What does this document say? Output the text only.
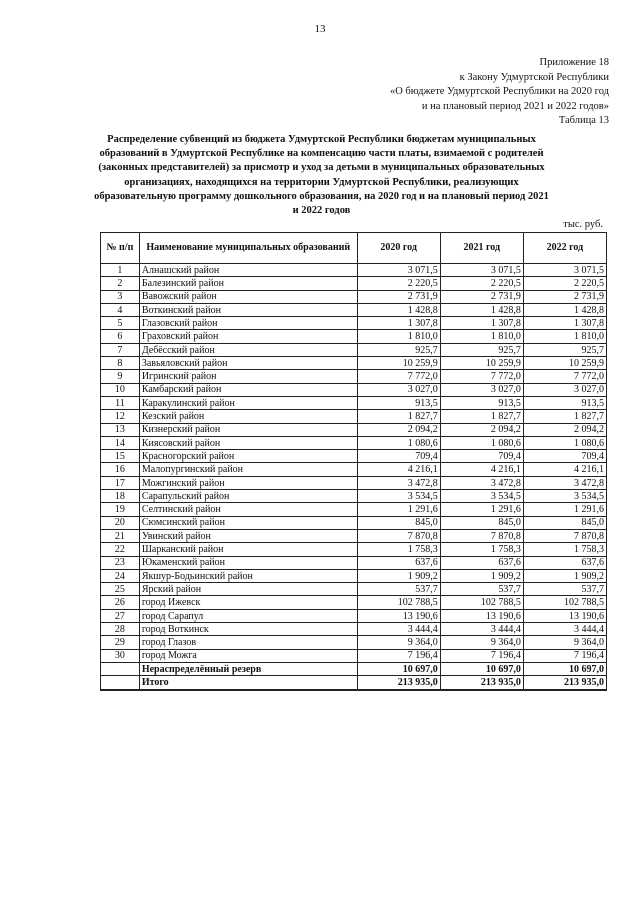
13
Приложение 18
к Закону Удмуртской Республики
«О бюджете Удмуртской Республики на 2020 год
и на плановый период 2021 и 2022 годов»
Таблица 13
Распределение субвенций из бюджета Удмуртской Республики бюджетам муниципальных образований в Удмуртской Республике на компенсацию части платы, взимаемой с родителей (законных представителей) за присмотр и уход за детьми в муниципальных образовательных организациях, находящихся на территории Удмуртской Республики, реализующих образовательную программу дошкольного образования, на 2020 год и на плановый период 2021 и 2022 годов
тыс. руб.
№ п/п	Наименование муниципальных образований	2020 год	2021 год	2022 год
1	Алнашский район	3 071,5	3 071,5	3 071,5
2	Балезинский район	2 220,5	2 220,5	2 220,5
3	Вавожский район	2 731,9	2 731,9	2 731,9
4	Воткинский район	1 428,8	1 428,8	1 428,8
5	Глазовский район	1 307,8	1 307,8	1 307,8
6	Граховский район	1 810,0	1 810,0	1 810,0
7	Дебёсский район	925,7	925,7	925,7
8	Завьяловский район	10 259,9	10 259,9	10 259,9
9	Игринский район	7 772,0	7 772,0	7 772,0
10	Камбарский район	3 027,0	3 027,0	3 027,0
11	Каракулинский район	913,5	913,5	913,5
12	Кезский район	1 827,7	1 827,7	1 827,7
13	Кизнерский район	2 094,2	2 094,2	2 094,2
14	Киясовский район	1 080,6	1 080,6	1 080,6
15	Красногорский район	709,4	709,4	709,4
16	Малопургинский район	4 216,1	4 216,1	4 216,1
17	Можгинский район	3 472,8	3 472,8	3 472,8
18	Сарапульский район	3 534,5	3 534,5	3 534,5
19	Селтинский район	1 291,6	1 291,6	1 291,6
20	Сюмсинский район	845,0	845,0	845,0
21	Увинский район	7 870,8	7 870,8	7 870,8
22	Шарканский район	1 758,3	1 758,3	1 758,3
23	Юкаменский район	637,6	637,6	637,6
24	Якшур-Бодьинский район	1 909,2	1 909,2	1 909,2
25	Ярский район	537,7	537,7	537,7
26	город Ижевск	102 788,5	102 788,5	102 788,5
27	город Сарапул	13 190,6	13 190,6	13 190,6
28	город Воткинск	3 444,4	3 444,4	3 444,4
29	город Глазов	9 364,0	9 364,0	9 364,0
30	город Можга	7 196,4	7 196,4	7 196,4
	Нераспределённый резерв	10 697,0	10 697,0	10 697,0
	Итого	213 935,0	213 935,0	213 935,0
